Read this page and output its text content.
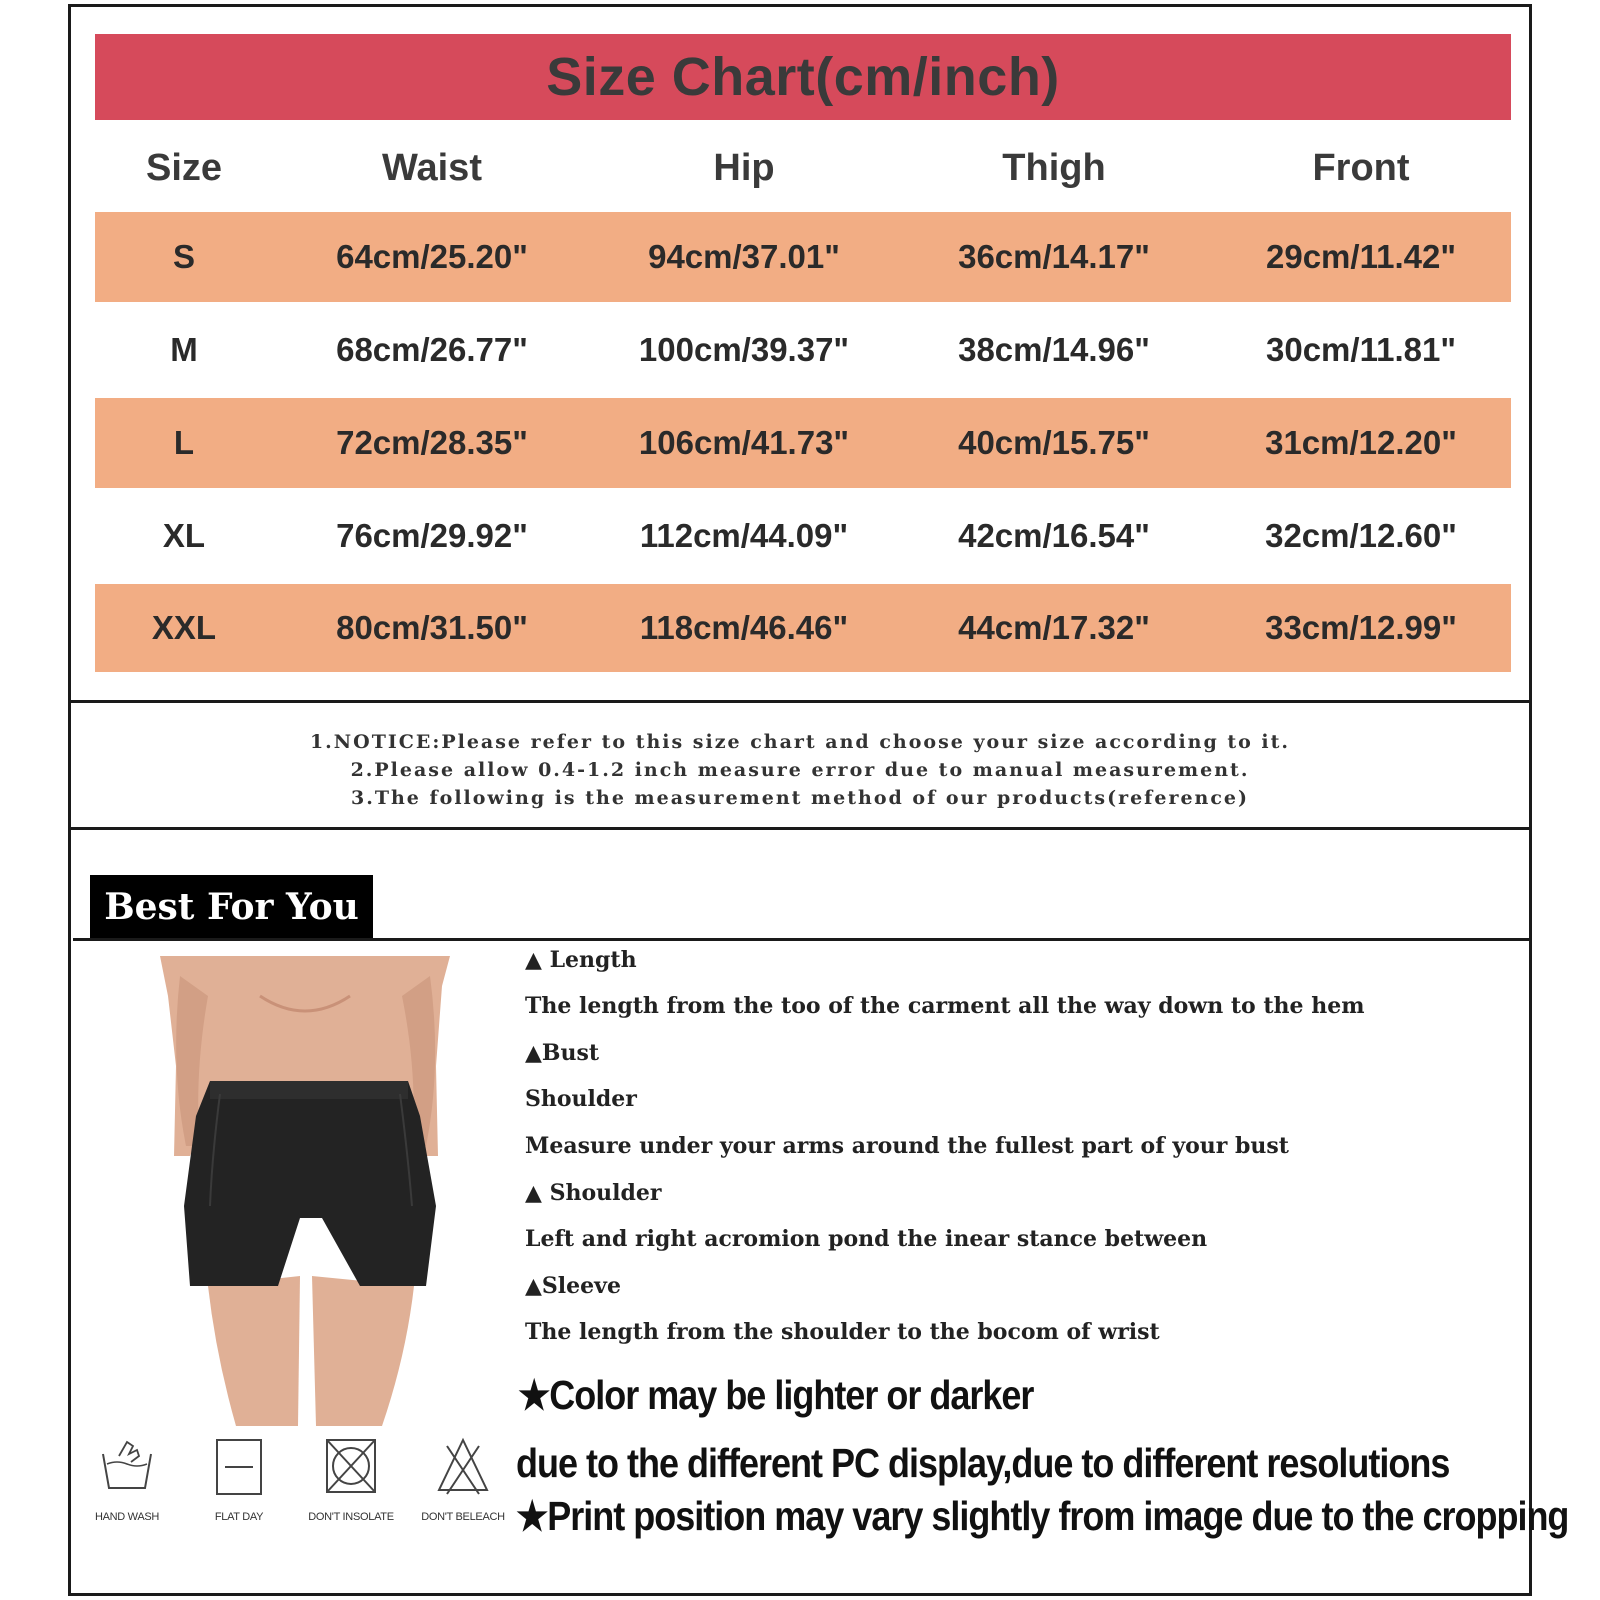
Size Chart(cm/inch)
Size	Waist	Hip	Thigh	Front
S	64cm/25.20"	94cm/37.01"	36cm/14.17"	29cm/11.42"
M	68cm/26.77"	100cm/39.37"	38cm/14.96"	30cm/11.81"
L	72cm/28.35"	106cm/41.73"	40cm/15.75"	31cm/12.20"
XL	76cm/29.92"	112cm/44.09"	42cm/16.54"	32cm/12.60"
XXL	80cm/31.50"	118cm/46.46"	44cm/17.32"	33cm/12.99"
1.NOTICE:Please refer to this size chart and choose your size according to it.
2.Please allow 0.4-1.2 inch measure error due to manual measurement.
3.The following is the measurement method of our products(reference)
Best For You
HAND WASH	FLAT DAY	DON'T INSOLATE DON'T BELEACH
▲ Length
The length from the too of the carment all the way down to the hem
▲Bust
Shoulder
Measure under your arms around the fullest part of your bust
▲ Shoulder
Left and right acromion pond the inear stance between
▲Sleeve
The length from the shoulder to the bocom of wrist
★Color may be lighter or darker
due to the different PC display,due to different resolutions
★Print position may vary slightly from image due to the cropping
